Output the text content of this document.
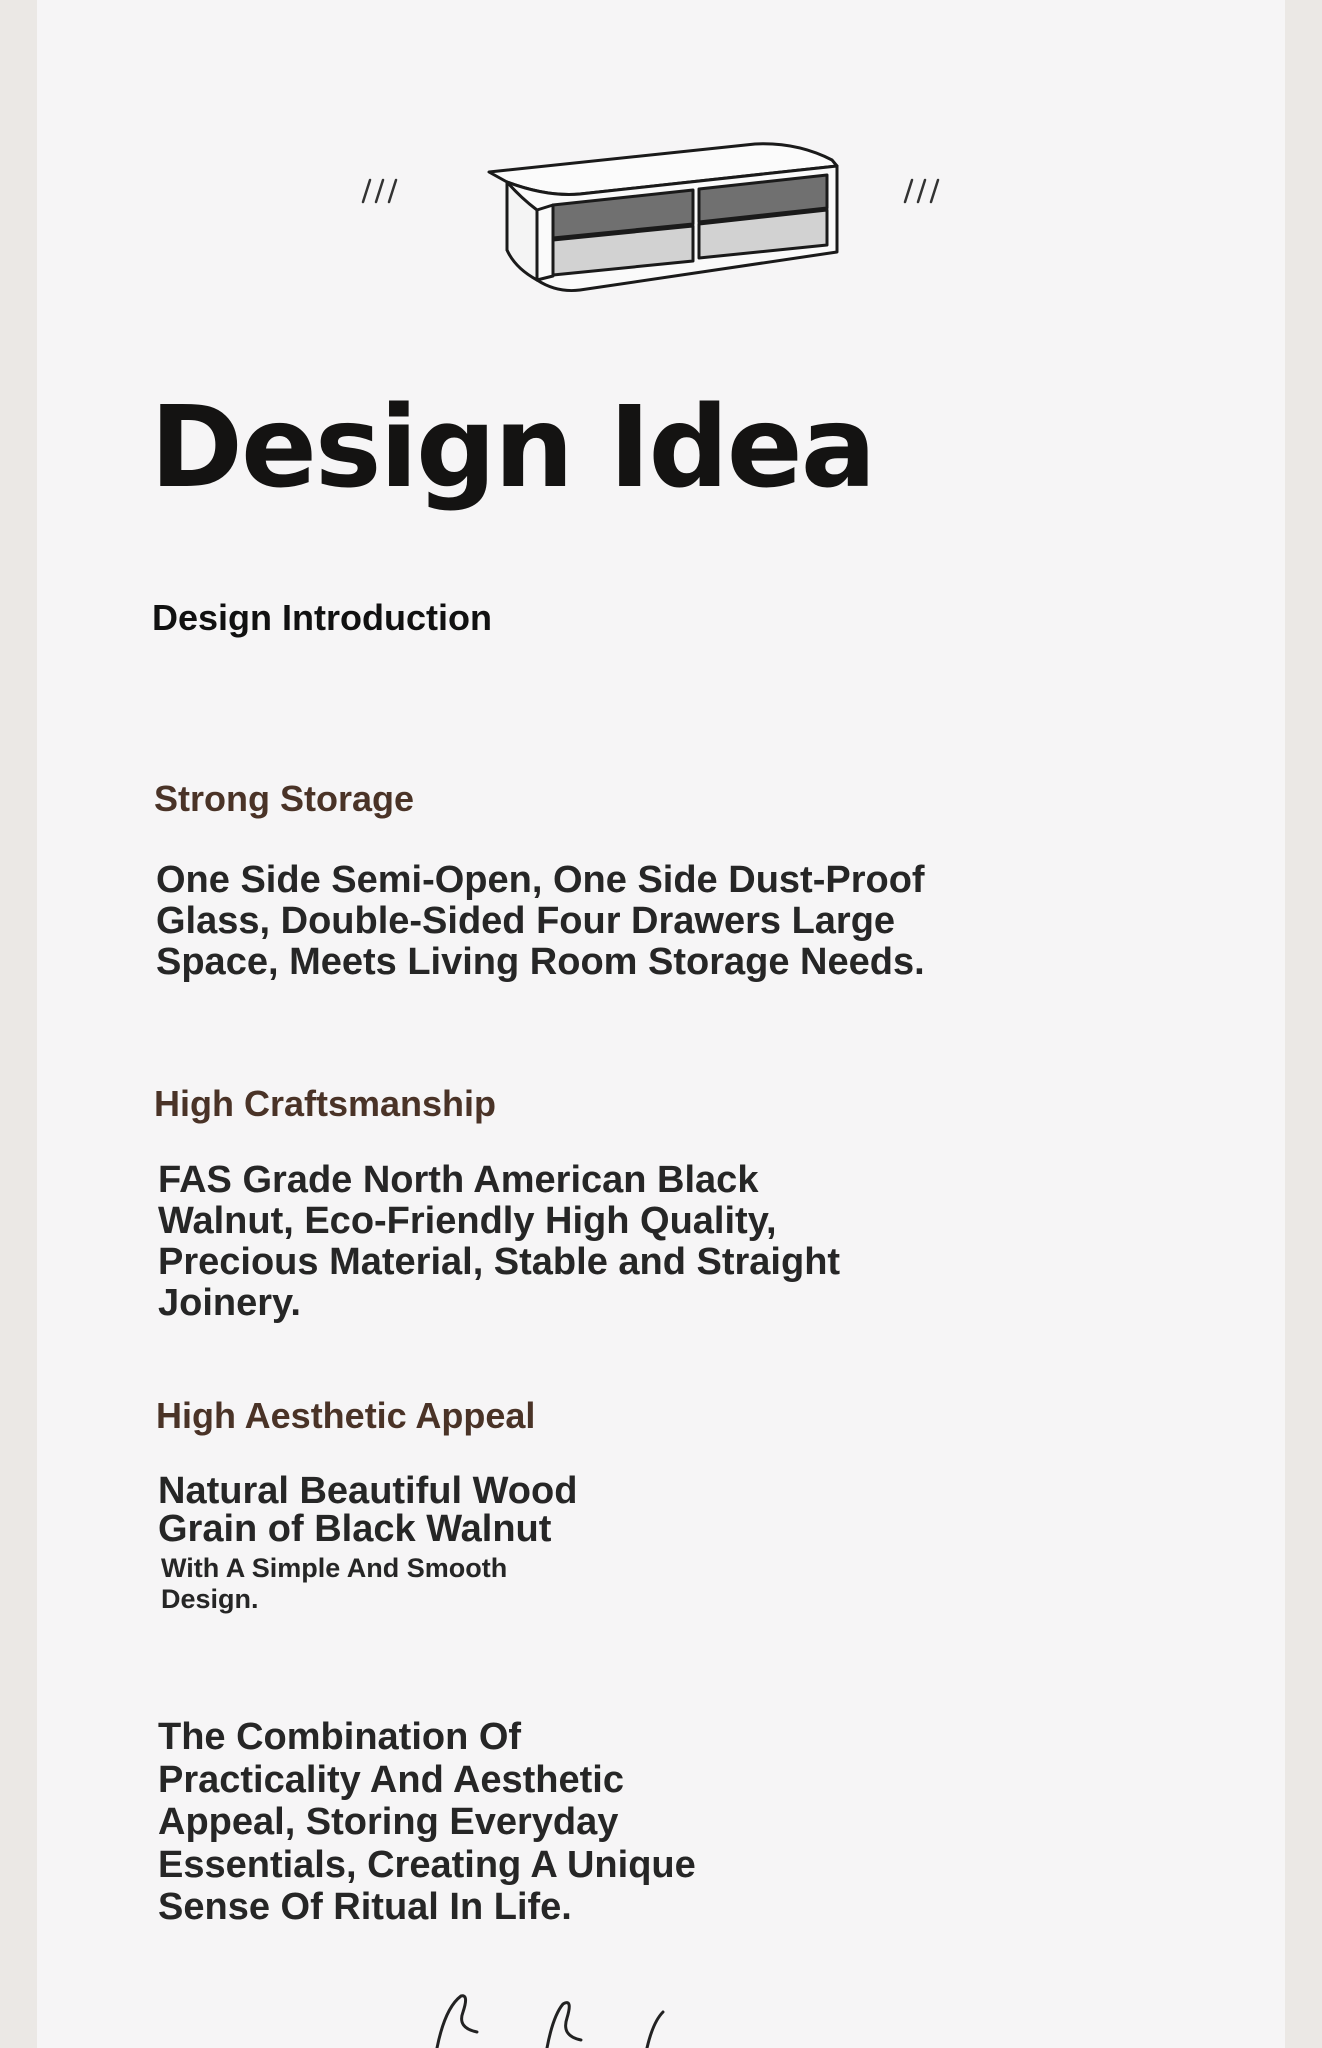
Design Idea
Design Introduction
Strong Storage
One Side Semi-Open, One Side Dust-Proof Glass, Double-Sided Four Drawers Large Space, Meets Living Room Storage Needs.
High Craftsmanship
FAS Grade North American Black Walnut, Eco-Friendly High Quality, Precious Material, Stable and Straight Joinery.
High Aesthetic Appeal
Natural Beautiful Wood Grain of Black Walnut
With A Simple And Smooth Design.
The Combination Of Practicality And Aesthetic Appeal, Storing Everyday Essentials, Creating A Unique Sense Of Ritual In Life.
